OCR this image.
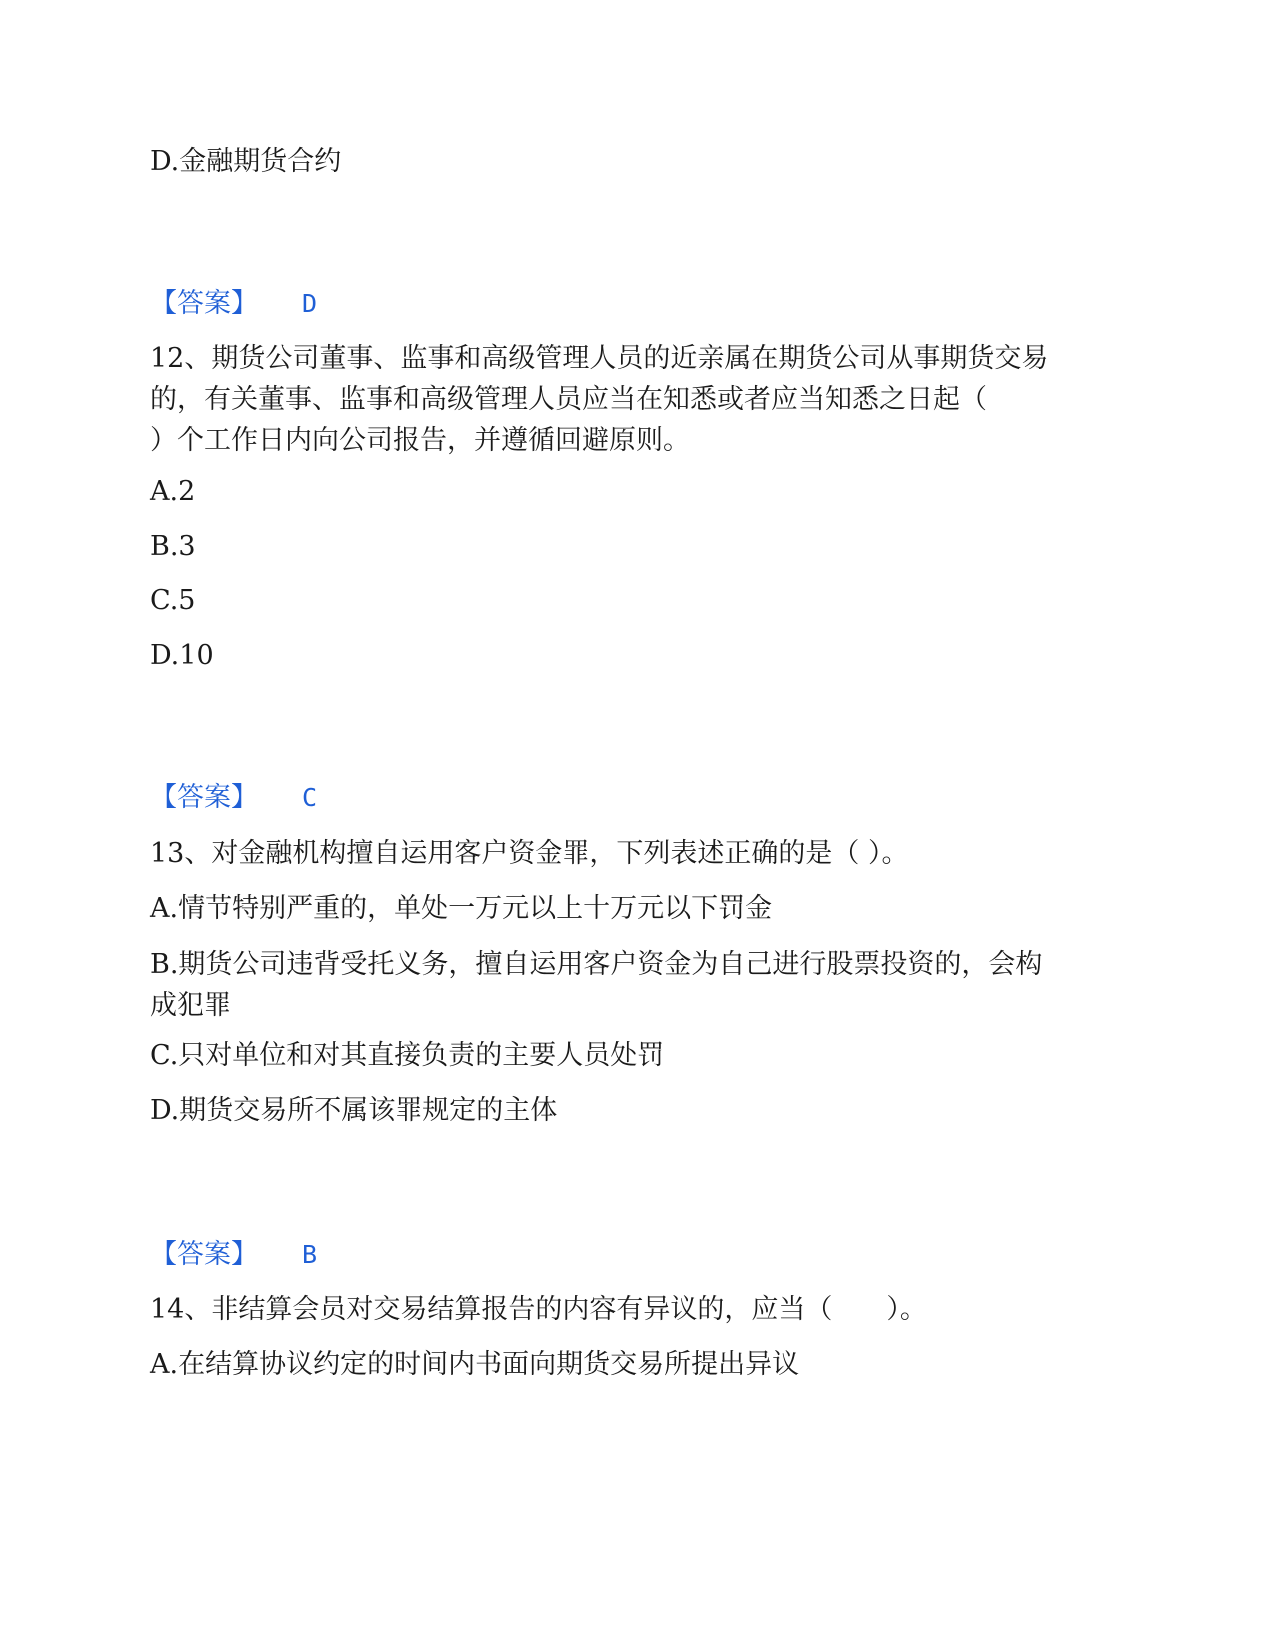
D.金融期货合约

【答案】 D
12、期货公司董事、监事和高级管理人员的近亲属在期货公司从事期货交易
的，有关董事、监事和高级管理人员应当在知悉或者应当知悉之日起（
）个工作日内向公司报告，并遵循回避原则。

A.2

B.3

C.5

D.10

【答案】 C

13、对金融机构擅自运用客户资金罪，下列表述正确的是（ ）。

A.情节特别严重的，单处一万元以上十万元以下罚金

B.期货公司违背受托义务，擅自运用客户资金为自己进行股票投资的，会构
成犯罪

C.只对单位和对其直接负责的主要人员处罚

D.期货交易所不属该罪规定的主体

【答案】 B

14、非结算会员对交易结算报告的内容有异议的，应当（　　）。

A.在结算协议约定的时间内书面向期货交易所提出异议
